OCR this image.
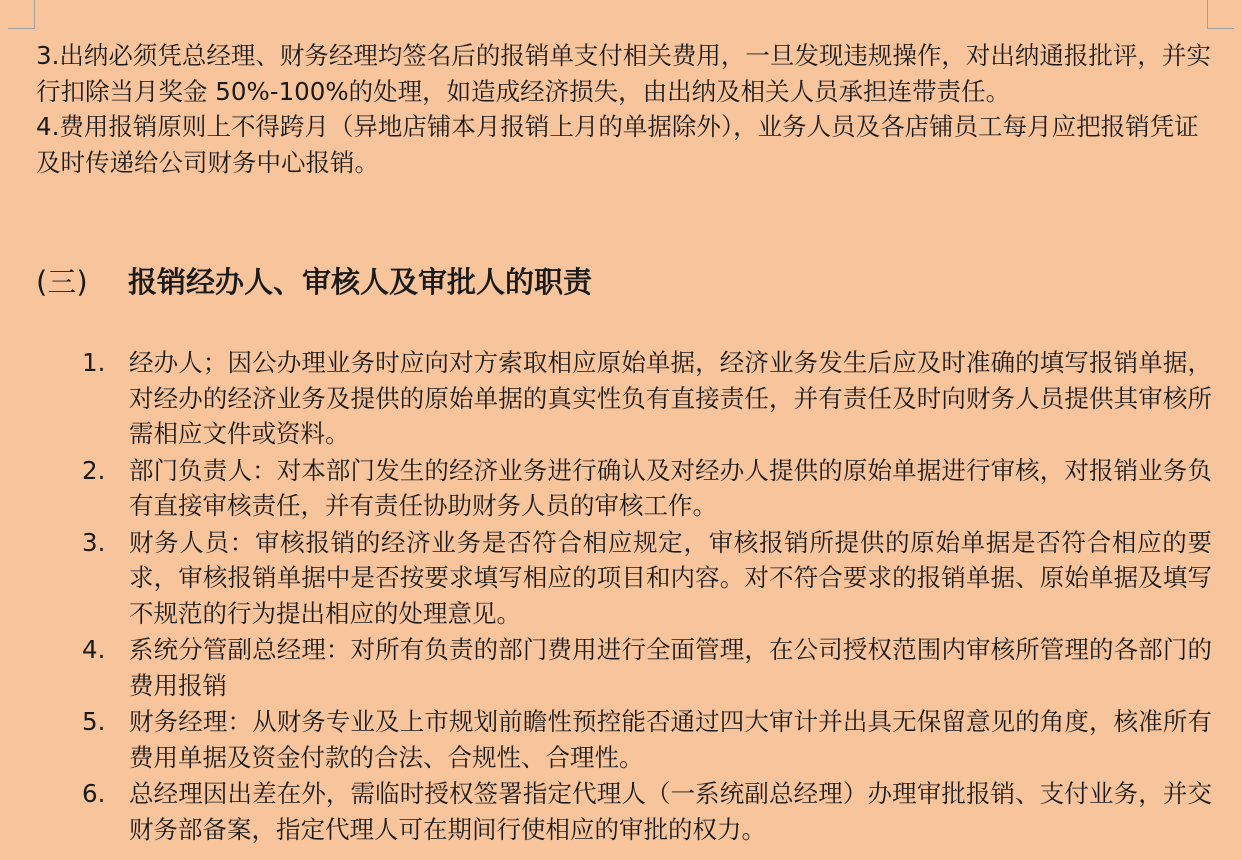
3.出纳必须凭总经理、财务经理均签名后的报销单支付相关费用，一旦发现违规操作，对出纳通报批评，并实行扣除当月奖金 50%-100%的处理，如造成经济损失，由出纳及相关人员承担连带责任。

4.费用报销原则上不得跨月（异地店铺本月报销上月的单据除外），业务人员及各店铺员工每月应把报销凭证及时传递给公司财务中心报销。

(三) 报销经办人、审核人及审批人的职责
1. 经办人；因公办理业务时应向对方索取相应原始单据，经济业务发生后应及时准确的填写报销单据，对经办的经济业务及提供的原始单据的真实性负有直接责任，并有责任及时向财务人员提供其审核所需相应文件或资料。
2. 部门负责人：对本部门发生的经济业务进行确认及对经办人提供的原始单据进行审核，对报销业务负有直接审核责任，并有责任协助财务人员的审核工作。
3. 财务人员：审核报销的经济业务是否符合相应规定，审核报销所提供的原始单据是否符合相应的要求，审核报销单据中是否按要求填写相应的项目和内容。对不符合要求的报销单据、原始单据及填写不规范的行为提出相应的处理意见。
4. 系统分管副总经理：对所有负责的部门费用进行全面管理，在公司授权范围内审核所管理的各部门的费用报销
5. 财务经理：从财务专业及上市规划前瞻性预控能否通过四大审计并出具无保留意见的角度，核准所有费用单据及资金付款的合法、合规性、合理性。
6. 总经理因出差在外，需临时授权签署指定代理人（一系统副总经理）办理审批报销、支付业务，并交财务部备案，指定代理人可在期间行使相应的审批的权力。
